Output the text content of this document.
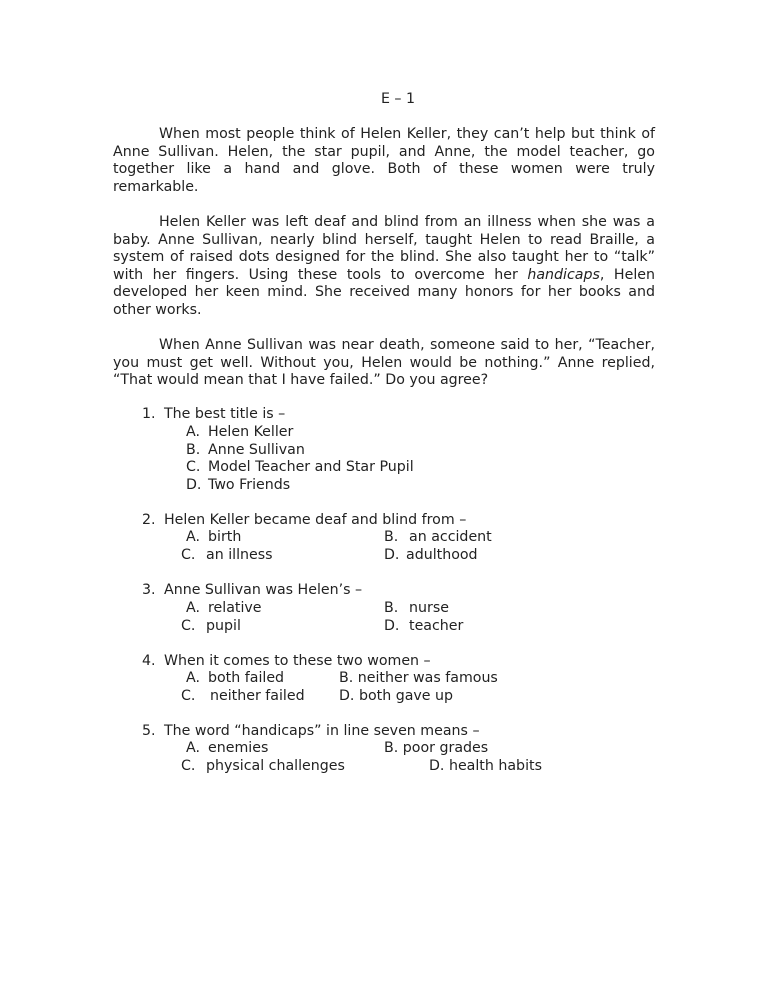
E – 1

When most people think of Helen Keller, they can’t help but think of Anne Sullivan. Helen, the star pupil, and Anne, the model teacher, go together like a hand and glove. Both of these women were truly remarkable.

Helen Keller was left deaf and blind from an illness when she was a baby. Anne Sullivan, nearly blind herself, taught Helen to read Braille, a system of raised dots designed for the blind. She also taught her to “talk” with her fingers. Using these tools to overcome her handicaps, Helen developed her keen mind. She received many honors for her books and other works.

When Anne Sullivan was near death, someone said to her, “Teacher, you must get well. Without you, Helen would be nothing.” Anne replied, “That would mean that I have failed.” Do you agree?

1. The best title is –
A. Helen Keller
B. Anne Sullivan
C. Model Teacher and Star Pupil
D. Two Friends
2. Helen Keller became deaf and blind from –
A. birth	B. an accident
C. an illness	D. adulthood
3. Anne Sullivan was Helen’s –
A. relative	B. nurse
C. pupil	D. teacher
4. When it comes to these two women –
A. both failed	B. neither was famous
C. neither failed D. both gave up
5. The word “handicaps” in line seven means –
A. enemies	B. poor grades
C. physical challenges	D. health habits
